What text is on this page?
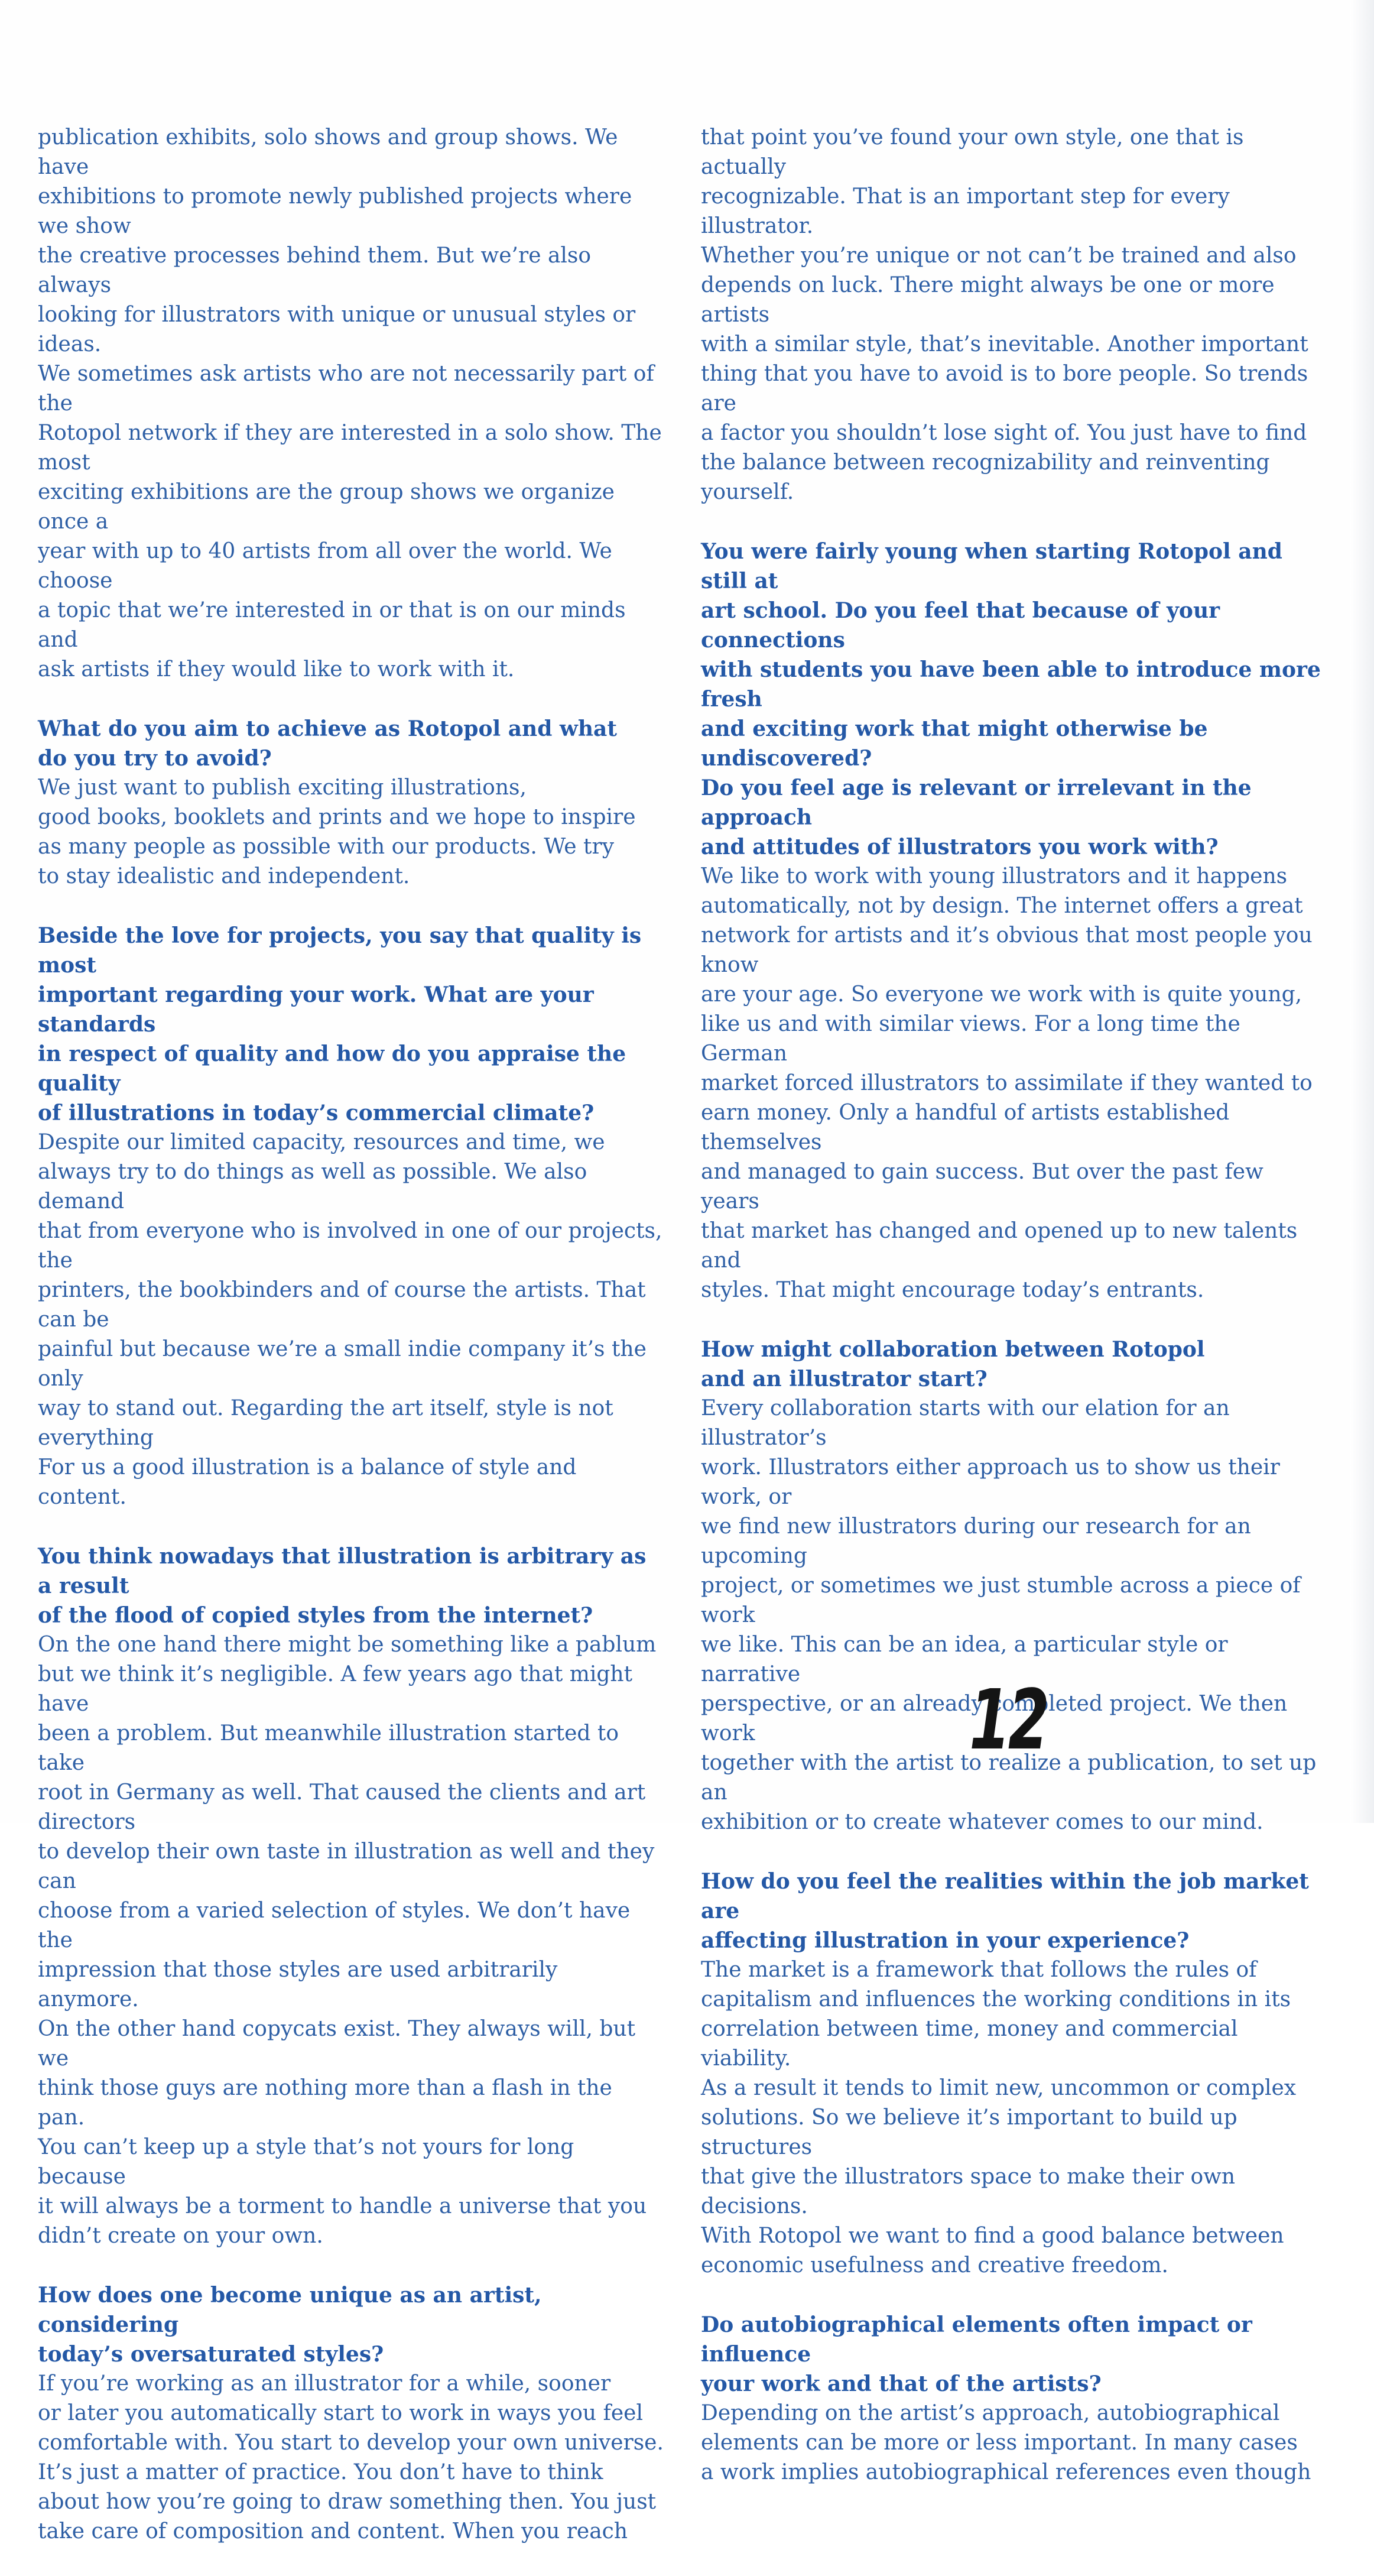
publication exhibits, solo shows and group shows. We have
exhibitions to promote newly published projects where we show
the creative processes behind them. But we’re also always
looking for illustrators with unique or unusual styles or ideas.
We sometimes ask artists who are not necessarily part of the
Rotopol network if they are interested in a solo show. The most
exciting exhibitions are the group shows we organize once a
year with up to 40 artists from all over the world. We choose
a topic that we’re interested in or that is on our minds and
ask artists if they would like to work with it.

What do you aim to achieve as Rotopol and what
do you try to avoid?

We just want to publish exciting illustrations,
good books, booklets and prints and we hope to inspire
as many people as possible with our products. We try
to stay idealistic and independent.

Beside the love for projects, you say that quality is most
important regarding your work. What are your standards
in respect of quality and how do you appraise the quality
of illustrations in today’s commercial climate?

Despite our limited capacity, resources and time, we
always try to do things as well as possible. We also demand
that from everyone who is involved in one of our projects, the
printers, the bookbinders and of course the artists. That can be
painful but because we’re a small indie company it’s the only
way to stand out. Regarding the art itself, style is not everything
For us a good illustration is a balance of style and content.

You think nowadays that illustration is arbitrary as a result
of the flood of copied styles from the internet?

On the one hand there might be something like a pablum
but we think it’s negligible. A few years ago that might have
been a problem. But meanwhile illustration started to take
root in Germany as well. That caused the clients and art directors
to develop their own taste in illustration as well and they can
choose from a varied selection of styles. We don’t have the
impression that those styles are used arbitrarily anymore.
On the other hand copycats exist. They always will, but we
think those guys are nothing more than a flash in the pan.
You can’t keep up a style that’s not yours for long because
it will always be a torment to handle a universe that you
didn’t create on your own.

How does one become unique as an artist, considering
today’s oversaturated styles?

If you’re working as an illustrator for a while, sooner
or later you automatically start to work in ways you feel
comfortable with. You start to develop your own universe.
It’s just a matter of practice. You don’t have to think
about how you’re going to draw something then. You just
take care of composition and content. When you reach

that point you’ve found your own style, one that is actually
recognizable. That is an important step for every illustrator.
Whether you’re unique or not can’t be trained and also
depends on luck. There might always be one or more artists
with a similar style, that’s inevitable. Another important
thing that you have to avoid is to bore people. So trends are
a factor you shouldn’t lose sight of. You just have to find
the balance between recognizability and reinventing yourself.

You were fairly young when starting Rotopol and still at
art school. Do you feel that because of your connections
with students you have been able to introduce more fresh
and exciting work that might otherwise be undiscovered?
Do you feel age is relevant or irrelevant in the approach
and attitudes of illustrators you work with?

We like to work with young illustrators and it happens
automatically, not by design. The internet offers a great
network for artists and it’s obvious that most people you know
are your age. So everyone we work with is quite young,
like us and with similar views. For a long time the German
market forced illustrators to assimilate if they wanted to
earn money. Only a handful of artists established themselves
and managed to gain success. But over the past few years
that market has changed and opened up to new talents and
styles. That might encourage today’s entrants.

How might collaboration between Rotopol
and an illustrator start?

Every collaboration starts with our elation for an illustrator’s
work. Illustrators either approach us to show us their work, or
we find new illustrators during our research for an upcoming
project, or sometimes we just stumble across a piece of work
we like. This can be an idea, a particular style or narrative
perspective, or an already completed project. We then work
together with the artist to realize a publication, to set up an
exhibition or to create whatever comes to our mind.

How do you feel the realities within the job market are
affecting illustration in your experience?

The market is a framework that follows the rules of
capitalism and influences the working conditions in its
correlation between time, money and commercial viability.
As a result it tends to limit new, uncommon or complex
solutions. So we believe it’s important to build up structures
that give the illustrators space to make their own decisions.
With Rotopol we want to find a good balance between
economic usefulness and creative freedom.

Do autobiographical elements often impact or influence
your work and that of the artists?

Depending on the artist’s approach, autobiographical
elements can be more or less important. In many cases
a work implies autobiographical references even though

12
